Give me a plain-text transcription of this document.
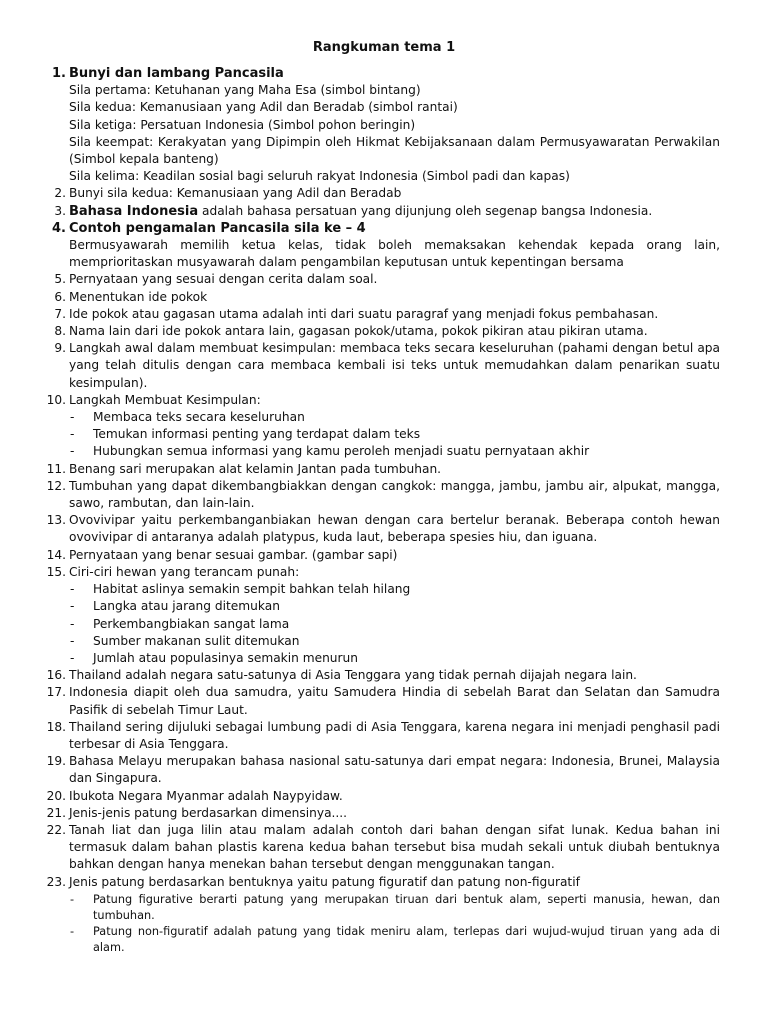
Rangkuman tema 1
1. Bunyi dan lambang Pancasila
Sila pertama: Ketuhanan yang Maha Esa (simbol bintang)
Sila kedua: Kemanusiaan yang Adil dan Beradab (simbol rantai)
Sila ketiga: Persatuan Indonesia (Simbol pohon beringin)
Sila keempat: Kerakyatan yang Dipimpin oleh Hikmat Kebijaksanaan dalam Permusyawaratan Perwakilan (Simbol kepala banteng)
Sila kelima: Keadilan sosial bagi seluruh rakyat Indonesia (Simbol padi dan kapas)
2. Bunyi sila kedua: Kemanusiaan yang Adil dan Beradab
3. Bahasa Indonesia adalah bahasa persatuan yang dijunjung oleh segenap bangsa Indonesia.
4. Contoh pengamalan Pancasila sila ke – 4
Bermusyawarah memilih ketua kelas, tidak boleh memaksakan kehendak kepada orang lain, memprioritaskan musyawarah dalam pengambilan keputusan untuk kepentingan bersama
5. Pernyataan yang sesuai dengan cerita dalam soal.
6. Menentukan ide pokok
7. Ide pokok atau gagasan utama adalah inti dari suatu paragraf yang menjadi fokus pembahasan.
8. Nama lain dari ide pokok antara lain, gagasan pokok/utama, pokok pikiran atau pikiran utama.
9. Langkah awal dalam membuat kesimpulan: membaca teks secara keseluruhan (pahami dengan betul apa yang telah ditulis dengan cara membaca kembali isi teks untuk memudahkan dalam penarikan suatu kesimpulan).
10. Langkah Membuat Kesimpulan:
- Membaca teks secara keseluruhan
- Temukan informasi penting yang terdapat dalam teks
- Hubungkan semua informasi yang kamu peroleh menjadi suatu pernyataan akhir
11. Benang sari merupakan alat kelamin Jantan pada tumbuhan.
12. Tumbuhan yang dapat dikembangbiakkan dengan cangkok: mangga, jambu, jambu air, alpukat, mangga, sawo, rambutan, dan lain-lain.
13. Ovovivipar yaitu perkembanganbiakan hewan dengan cara bertelur beranak. Beberapa contoh hewan ovovivipar di antaranya adalah platypus, kuda laut, beberapa spesies hiu, dan iguana.
14. Pernyataan yang benar sesuai gambar. (gambar sapi)
15. Ciri-ciri hewan yang terancam punah:
- Habitat aslinya semakin sempit bahkan telah hilang
- Langka atau jarang ditemukan
- Perkembangbiakan sangat lama
- Sumber makanan sulit ditemukan
- Jumlah atau populasinya semakin menurun
16. Thailand adalah negara satu-satunya di Asia Tenggara yang tidak pernah dijajah negara lain.
17. Indonesia diapit oleh dua samudra, yaitu Samudera Hindia di sebelah Barat dan Selatan dan Samudra Pasifik di sebelah Timur Laut.
18. Thailand sering dijuluki sebagai lumbung padi di Asia Tenggara, karena negara ini menjadi penghasil padi terbesar di Asia Tenggara.
19. Bahasa Melayu merupakan bahasa nasional satu-satunya dari empat negara: Indonesia, Brunei, Malaysia dan Singapura.
20. Ibukota Negara Myanmar adalah Naypyidaw.
21. Jenis-jenis patung berdasarkan dimensinya....
22. Tanah liat dan juga lilin atau malam adalah contoh dari bahan dengan sifat lunak. Kedua bahan ini termasuk dalam bahan plastis karena kedua bahan tersebut bisa mudah sekali untuk diubah bentuknya bahkan dengan hanya menekan bahan tersebut dengan menggunakan tangan.
23. Jenis patung berdasarkan bentuknya yaitu patung figuratif dan patung non-figuratif
- Patung figurative berarti patung yang merupakan tiruan dari bentuk alam, seperti manusia, hewan, dan tumbuhan.
- Patung non-figuratif adalah patung yang tidak meniru alam, terlepas dari wujud-wujud tiruan yang ada di alam.
